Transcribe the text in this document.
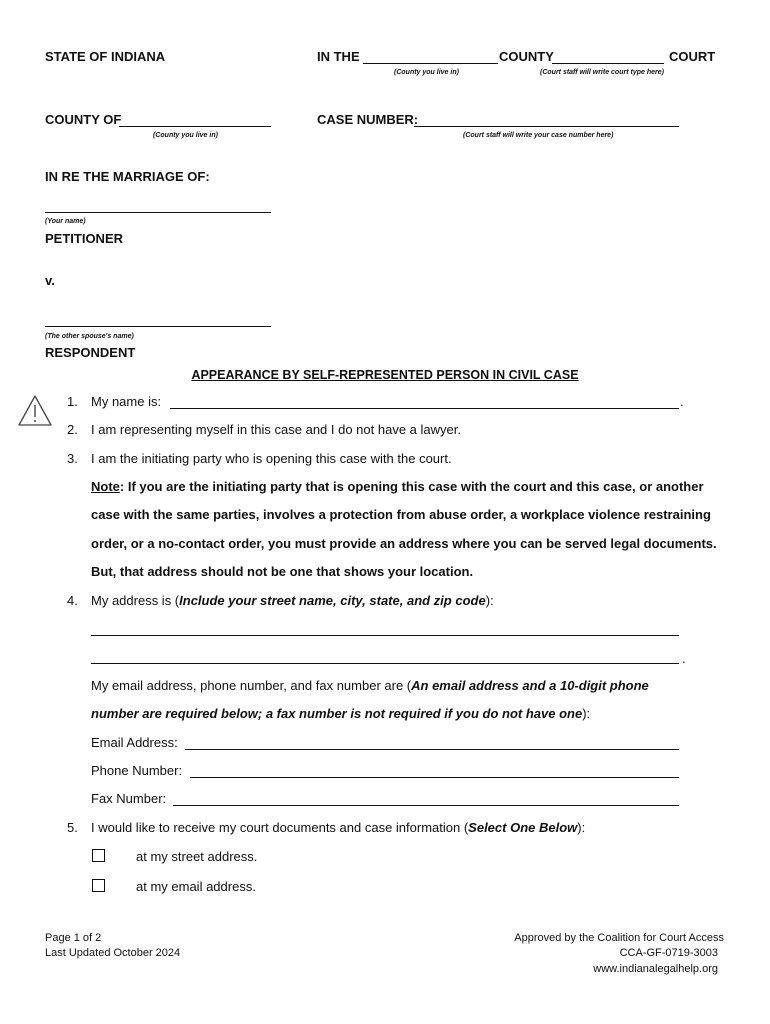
STATE OF INDIANA	IN THE	COUNTY	COURT
(County you live in)	(Court staff will write court type here)
COUNTY OF
(County you live in)
CASE NUMBER:
(Court staff will write your case number here)
IN RE THE MARRIAGE OF:
(Your name)
PETITIONER
v.
(The other spouse's name)
RESPONDENT
APPEARANCE BY SELF-REPRESENTED PERSON IN CIVIL CASE
1. My name is:	.
2. I am representing myself in this case and I do not have a lawyer.
3. I am the initiating party who is opening this case with the court.
Note: If you are the initiating party that is opening this case with the court and this case, or another
case with the same parties, involves a protection from abuse order, a workplace violence restraining
order, or a no-contact order, you must provide an address where you can be served legal documents.
But, that address should not be one that shows your location.
4. My address is (Include your street name, city, state, and zip code):
.
My email address, phone number, and fax number are (An email address and a 10-digit phone
number are required below; a fax number is not required if you do not have one):
Email Address:
Phone Number:
Fax Number:
5. I would like to receive my court documents and case information (Select One Below):
at my street address.
at my email address.
Page 1 of 2
Last Updated October 2024
Approved by the Coalition for Court Access
CCA-GF-0719-3003
www.indianalegalhelp.org
